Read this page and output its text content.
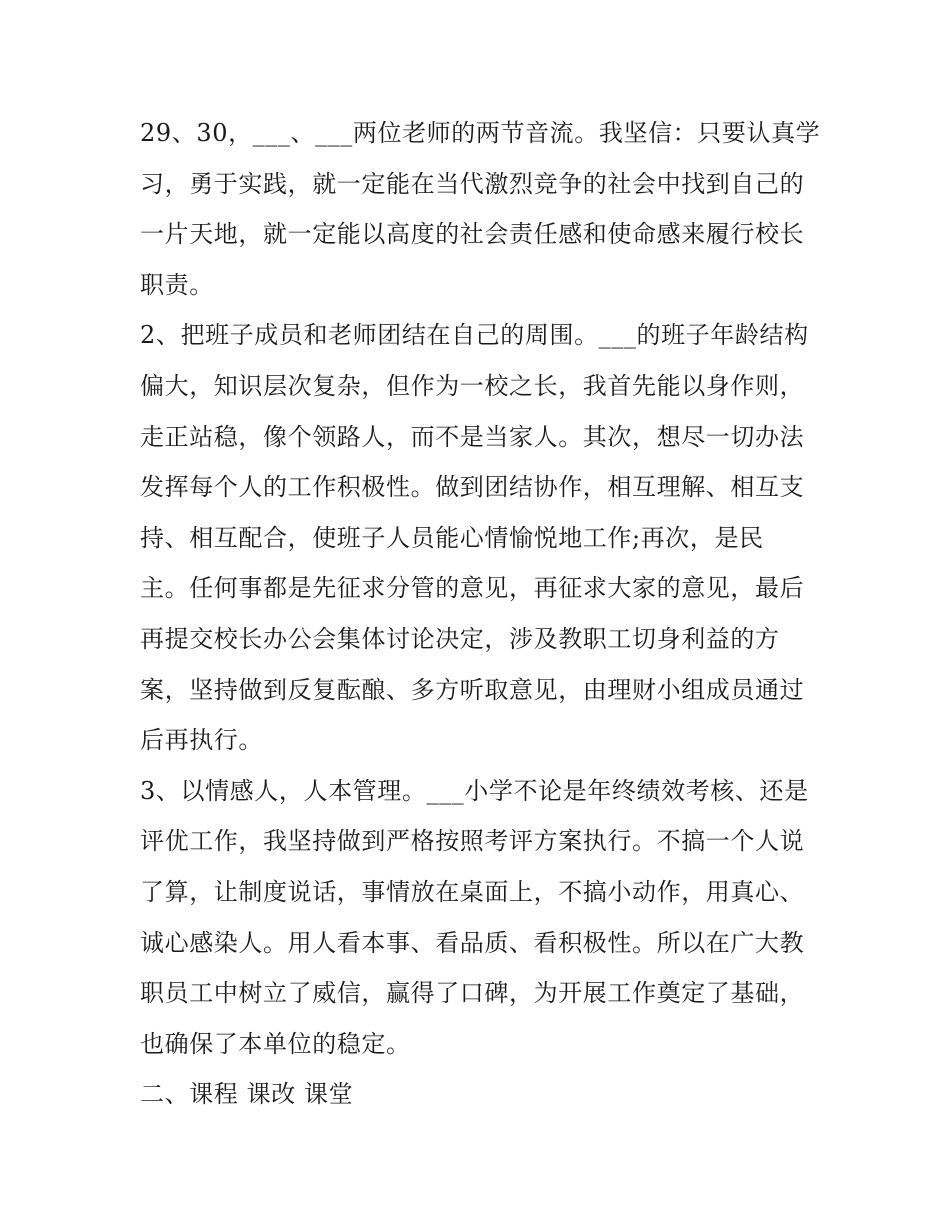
29、30，___、___两位老师的两节音流。我坚信：只要认真学
习，勇于实践，就一定能在当代激烈竞争的社会中找到自己的
一片天地，就一定能以高度的社会责任感和使命感来履行校长
职责。
2、把班子成员和老师团结在自己的周围。___的班子年龄结构
偏大，知识层次复杂，但作为一校之长，我首先能以身作则，
走正站稳，像个领路人，而不是当家人。其次，想尽一切办法
发挥每个人的工作积极性。做到团结协作，相互理解、相互支
持、相互配合，使班子人员能心情愉悦地工作;再次，是民
主。任何事都是先征求分管的意见，再征求大家的意见，最后
再提交校长办公会集体讨论决定，涉及教职工切身利益的方
案，坚持做到反复酝酿、多方听取意见，由理财小组成员通过
后再执行。
3、以情感人，人本管理。___小学不论是年终绩效考核、还是
评优工作，我坚持做到严格按照考评方案执行。不搞一个人说
了算，让制度说话，事情放在桌面上，不搞小动作，用真心、
诚心感染人。用人看本事、看品质、看积极性。所以在广大教
职员工中树立了威信，赢得了口碑，为开展工作奠定了基础，
也确保了本单位的稳定。
二、课程 课改 课堂
